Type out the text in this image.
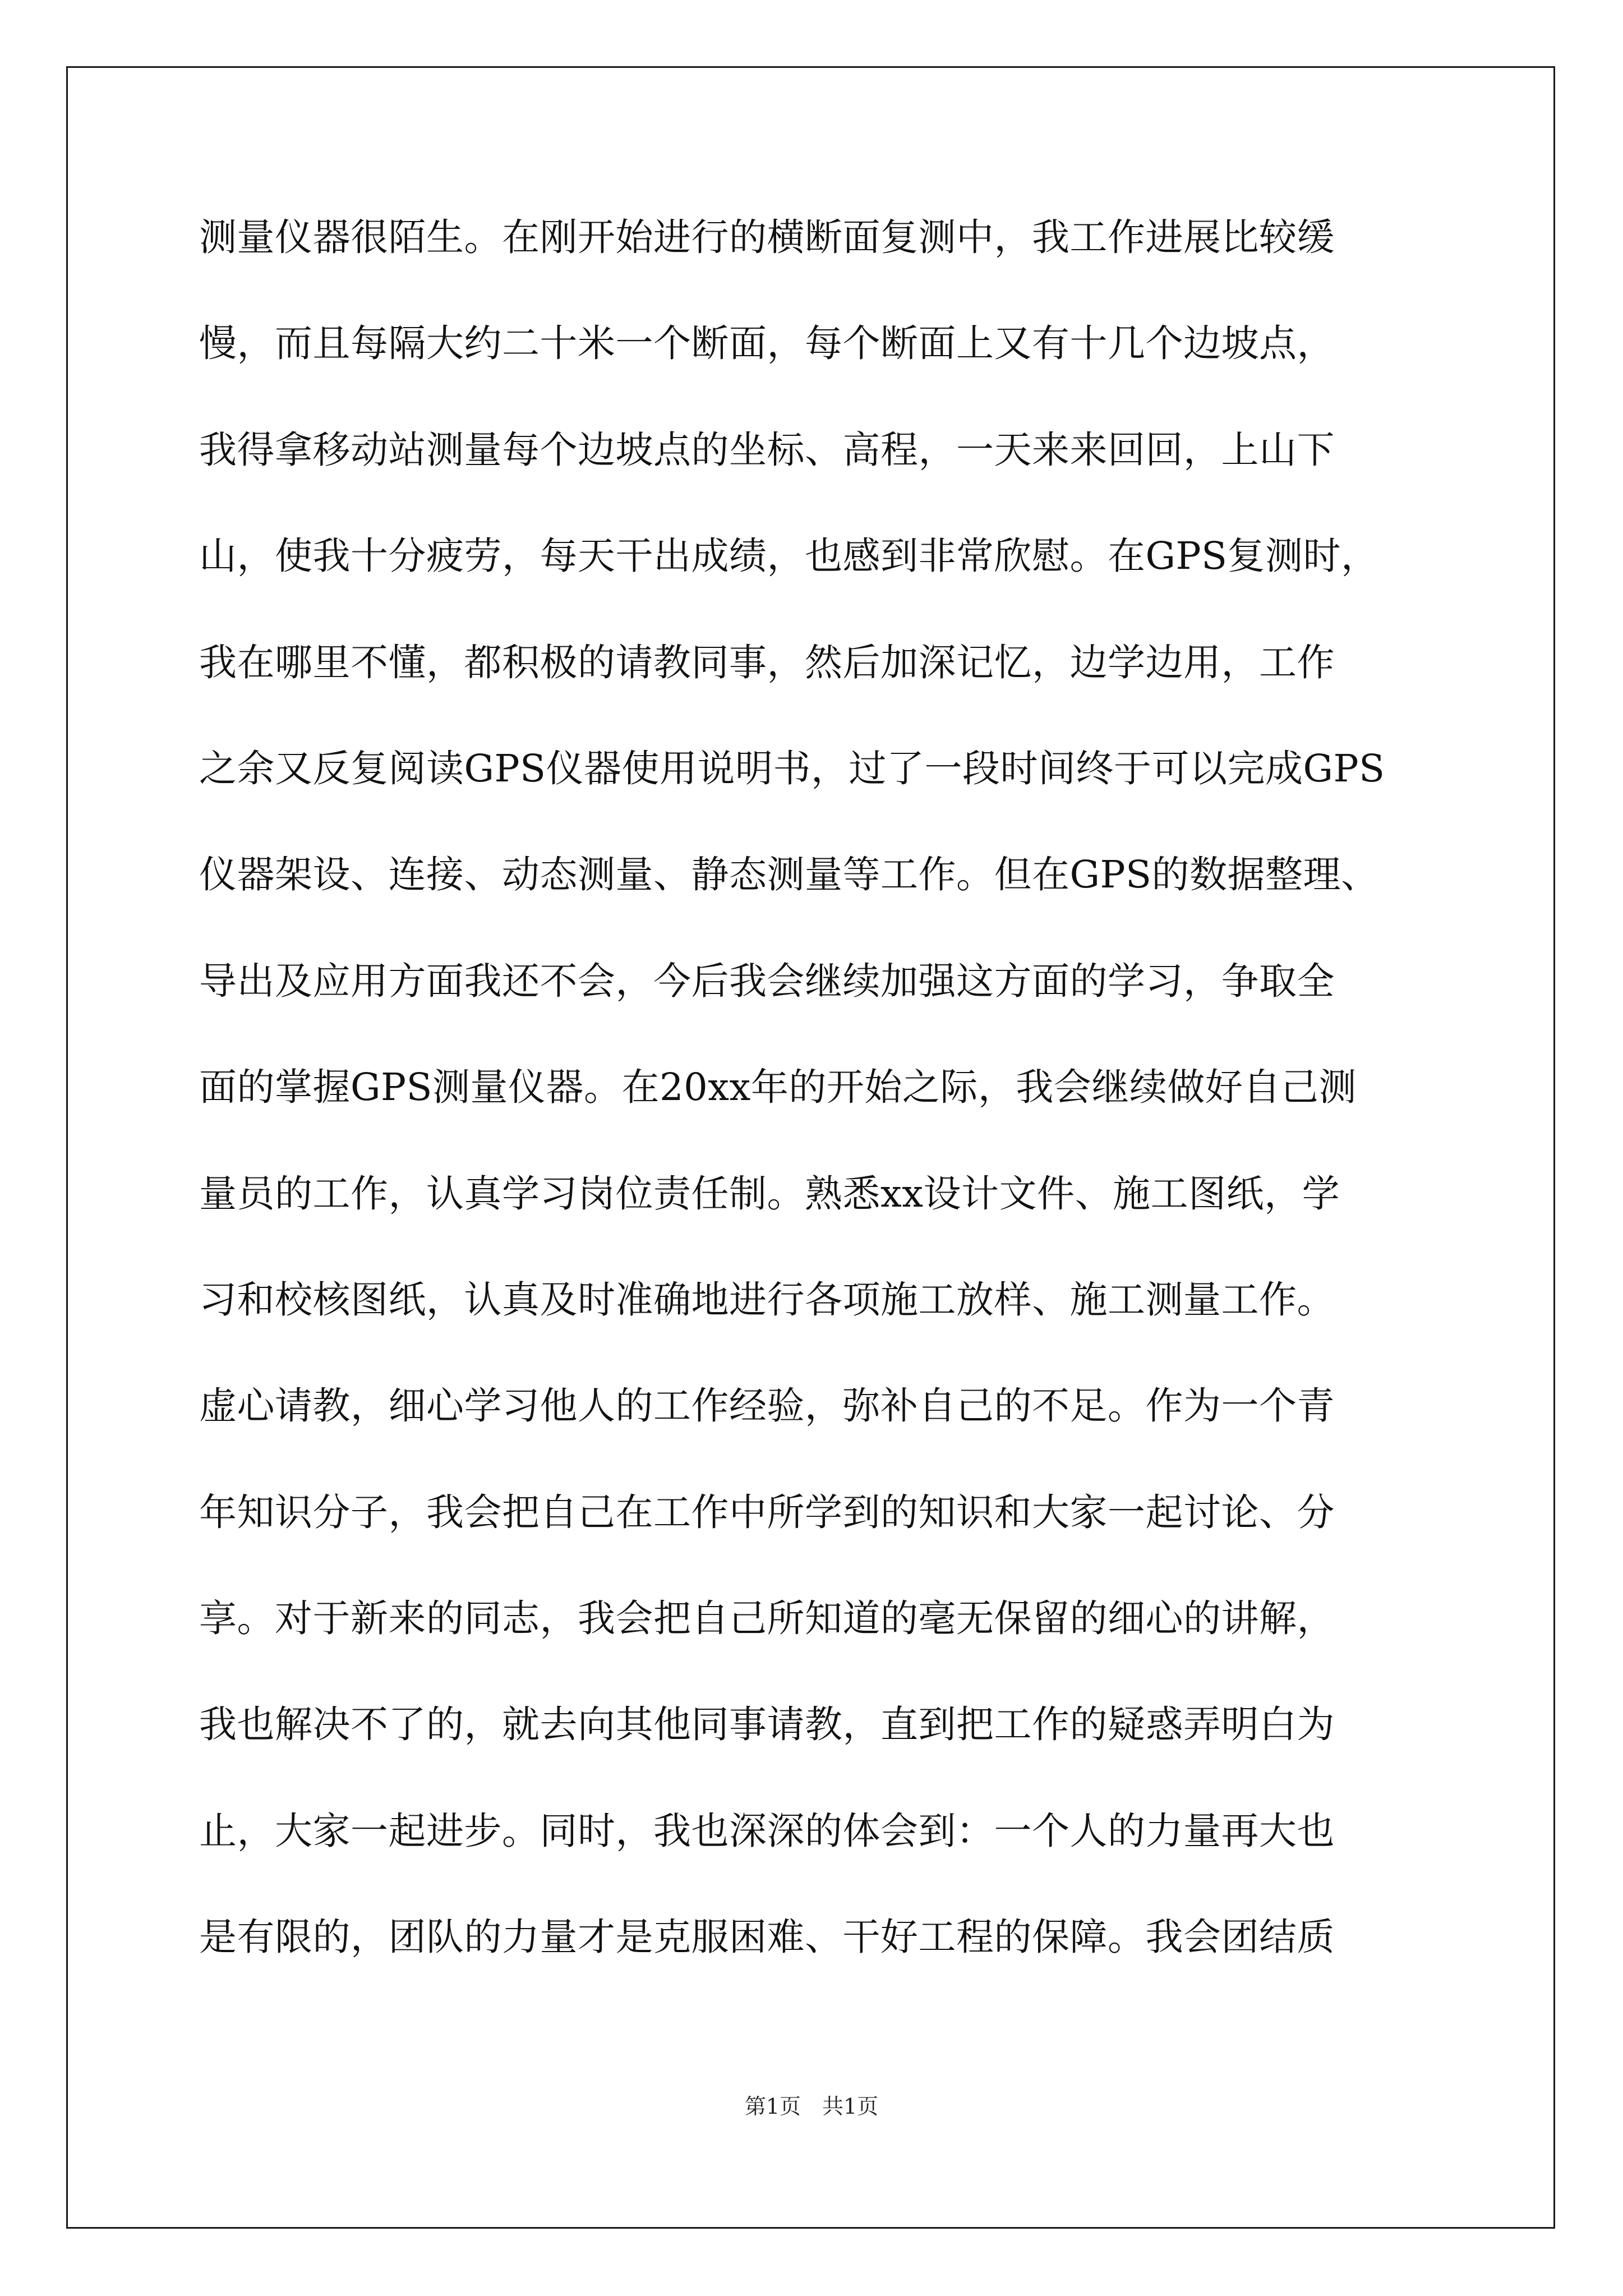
测量仪器很陌生。在刚开始进行的横断面复测中，我工作进展比较缓
慢，而且每隔大约二十米一个断面，每个断面上又有十几个边坡点，
我得拿移动站测量每个边坡点的坐标、高程，一天来来回回，上山下
山，使我十分疲劳，每天干出成绩，也感到非常欣慰。在GPS复测时，
我在哪里不懂，都积极的请教同事，然后加深记忆，边学边用，工作
之余又反复阅读GPS仪器使用说明书，过了一段时间终于可以完成GPS
仪器架设、连接、动态测量、静态测量等工作。但在GPS的数据整理、
导出及应用方面我还不会，今后我会继续加强这方面的学习，争取全
面的掌握GPS测量仪器。在20xx年的开始之际，我会继续做好自己测
量员的工作，认真学习岗位责任制。熟悉xx设计文件、施工图纸，学
习和校核图纸，认真及时准确地进行各项施工放样、施工测量工作。
虚心请教，细心学习他人的工作经验，弥补自己的不足。作为一个青
年知识分子，我会把自己在工作中所学到的知识和大家一起讨论、分
享。对于新来的同志，我会把自己所知道的毫无保留的细心的讲解，
我也解决不了的，就去向其他同事请教，直到把工作的疑惑弄明白为
止，大家一起进步。同时，我也深深的体会到：一个人的力量再大也
是有限的，团队的力量才是克服困难、干好工程的保障。我会团结质
第1页　共1页
